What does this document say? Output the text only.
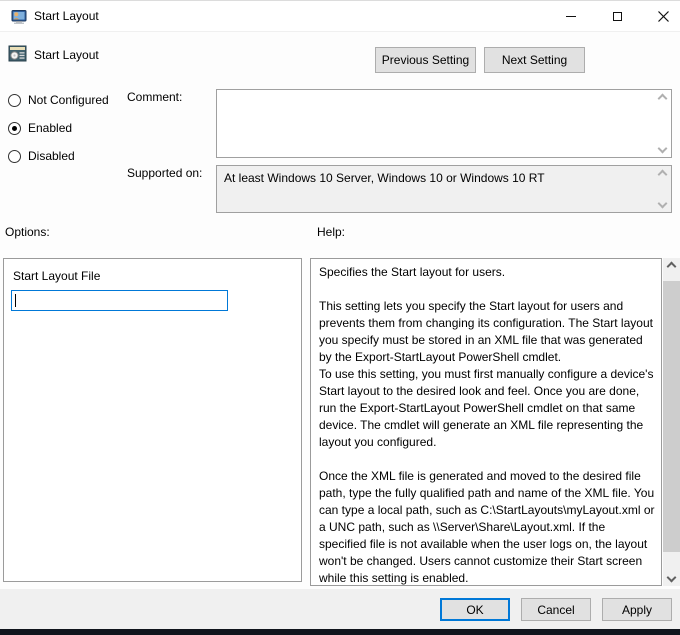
Start Layout
Start Layout	Previous Setting	Next Setting
Not Configured
Enabled
Disabled
Comment:
Supported on: At least Windows 10 Server, Windows 10 or Windows 10 RT
Options:	Help:
Start Layout File	Specifies the Start layout for users.

This setting lets you specify the Start layout for users and prevents them from changing its configuration. The Start layout you specify must be stored in an XML file that was generated by the Export-StartLayout PowerShell cmdlet.

To use this setting, you must first manually configure a device's Start layout to the desired look and feel. Once you are done, run the Export-StartLayout PowerShell cmdlet on that same device. The cmdlet will generate an XML file representing the layout you configured.

Once the XML file is generated and moved to the desired file path, type the fully qualified path and name of the XML file. You can type a local path, such as C:\StartLayouts\myLayout.xml or a UNC path, such as \\Server\Share\Layout.xml. If the specified file is not available when the user logs on, the layout won't be changed. Users cannot customize their Start screen while this setting is enabled.

OK	Cancel	Apply
